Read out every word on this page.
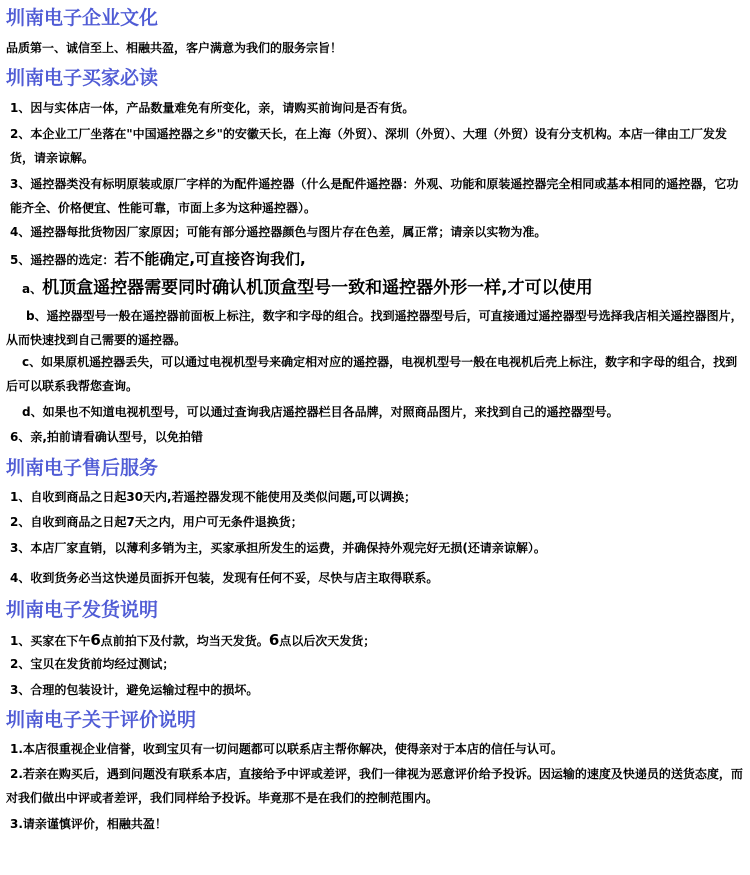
圳南电子企业文化

品质第一、诚信至上、相融共盈，客户满意为我们的服务宗旨！

圳南电子买家必读

1、因与实体店一体，产品数量难免有所变化，亲，请购买前询问是否有货。

2、本企业工厂坐落在"中国遥控器之乡"的安徽天长，在上海（外贸）、深圳（外贸）、大理（外贸）设有分支机构。本店一律由工厂发发货，请亲谅解。

3、遥控器类没有标明原装或原厂字样的为配件遥控器（什么是配件遥控器：外观、功能和原装遥控器完全相同或基本相同的遥控器，它功能齐全、价格便宜、性能可靠，市面上多为这种遥控器）。

4、遥控器每批货物因厂家原因；可能有部分遥控器颜色与图片存在色差，属正常；请亲以实物为准。

5、遥控器的选定：若不能确定,可直接咨询我们,

a、机顶盒遥控器需要同时确认机顶盒型号一致和遥控器外形一样,才可以使用

b、遥控器型号一般在遥控器前面板上标注，数字和字母的组合。找到遥控器型号后，可直接通过遥控器型号选择我店相关遥控器图片，从而快速找到自己需要的遥控器。

c、如果原机遥控器丢失，可以通过电视机型号来确定相对应的遥控器，电视机型号一般在电视机后壳上标注，数字和字母的组合，找到后可以联系我帮您查询。

d、如果也不知道电视机型号，可以通过查询我店遥控器栏目各品牌，对照商品图片，来找到自己的遥控器型号。

6、亲,拍前请看确认型号，以免拍错

圳南电子售后服务

1、自收到商品之日起30天内,若遥控器发现不能使用及类似问题,可以调换；

2、自收到商品之日起7天之内，用户可无条件退换货；

3、本店厂家直销，以薄利多销为主，买家承担所发生的运费，并确保持外观完好无损(还请亲谅解）。

4、收到货务必当这快递员面拆开包装，发现有任何不妥，尽快与店主取得联系。

圳南电子发货说明

1、买家在下午6点前拍下及付款，均当天发货。6点以后次天发货；

2、宝贝在发货前均经过测试；

3、合理的包装设计，避免运输过程中的损坏。

圳南电子关于评价说明

1.本店很重视企业信誉，收到宝贝有一切问题都可以联系店主帮你解决，使得亲对于本店的信任与认可。

2.若亲在购买后，遇到问题没有联系本店，直接给予中评或差评，我们一律视为恶意评价给予投诉。因运输的速度及快递员的送货态度，而对我们做出中评或者差评，我们同样给予投诉。毕竟那不是在我们的控制范围内。

3.请亲谨慎评价，相融共盈！
